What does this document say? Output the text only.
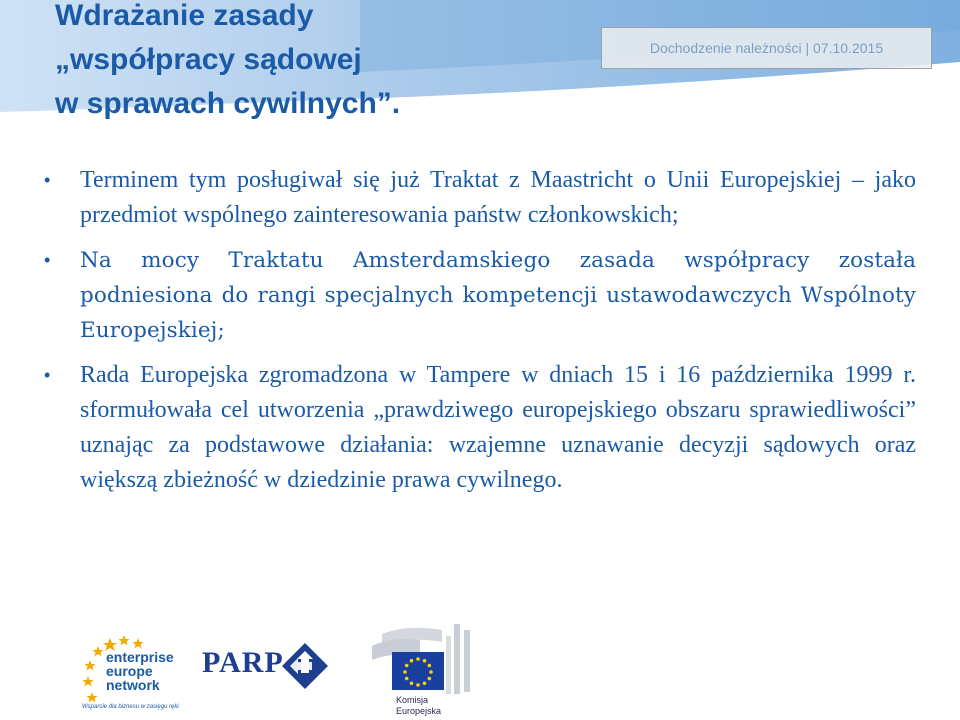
Wdrażanie zasady
„współpracy sądowej
w sprawach cywilnych”.
Dochodzenie należności | 07.10.2015
• Terminem tym posługiwał się już Traktat z Maastricht o Unii Europejskiej – jako przedmiot wspólnego zainteresowania państw członkowskich;
• Na mocy Traktatu Amsterdamskiego zasada współpracy została podniesiona do rangi specjalnych kompetencji ustawodawczych Wspólnoty Europejskiej;
• Rada Europejska zgromadzona w Tampere w dniach 15 i 16 października 1999 r. sformułowała cel utworzenia „prawdziwego europejskiego obszaru sprawiedliwości” uznając za podstawowe działania: wzajemne uznawanie decyzji sądowych oraz większą zbieżność w dziedzinie prawa cywilnego.
enterprise
europe
network
Wsparcie dla biznesu w zasięgu ręki
PARP
Komisja
Europejska
